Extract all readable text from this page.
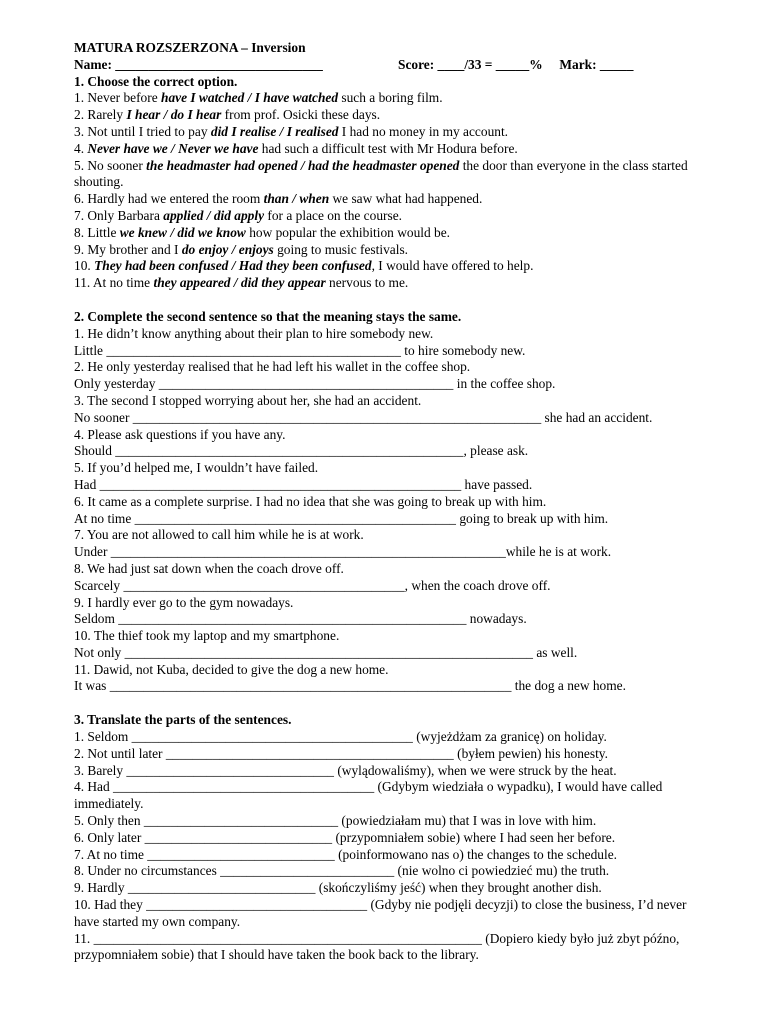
MATURA ROZSZERZONA – Inversion
Name: _______________________________	Score: ____/33 = _____% Mark: _____
1. Choose the correct option.
1. Never before have I watched / I have watched such a boring film.
2. Rarely I hear / do I hear from prof. Osicki these days.
3. Not until I tried to pay did I realise / I realised I had no money in my account.
4. Never have we / Never we have had such a difficult test with Mr Hodura before.
5. No sooner the headmaster had opened / had the headmaster opened the door than everyone in the class started shouting.
6. Hardly had we entered the room than / when we saw what had happened.
7. Only Barbara applied / did apply for a place on the course.
8. Little we knew / did we know how popular the exhibition would be.
9. My brother and I do enjoy / enjoys going to music festivals.
10. They had been confused / Had they been confused, I would have offered to help.
11. At no time they appeared / did they appear nervous to me.
2. Complete the second sentence so that the meaning stays the same.
1. He didn’t know anything about their plan to hire somebody new.
Little ____________________________________________ to hire somebody new.
2. He only yesterday realised that he had left his wallet in the coffee shop.
Only yesterday ____________________________________________ in the coffee shop.
3. The second I stopped worrying about her, she had an accident.
No sooner _____________________________________________________________ she had an accident.
4. Please ask questions if you have any.
Should ____________________________________________________, please ask.
5. If you’d helped me, I wouldn’t have failed.
Had ______________________________________________________ have passed.
6. It came as a complete surprise. I had no idea that she was going to break up with him.
At no time ________________________________________________ going to break up with him.
7. You are not allowed to call him while he is at work.
Under ___________________________________________________________while he is at work.
8. We had just sat down when the coach drove off.
Scarcely __________________________________________, when the coach drove off.
9. I hardly ever go to the gym nowadays.
Seldom ____________________________________________________ nowadays.
10. The thief took my laptop and my smartphone.
Not only _____________________________________________________________ as well.
11. Dawid, not Kuba, decided to give the dog a new home.
It was ____________________________________________________________ the dog a new home.
3. Translate the parts of the sentences.
1. Seldom __________________________________________ (wyjeżdżam za granicę) on holiday.
2. Not until later ___________________________________________ (byłem pewien) his honesty.
3. Barely _______________________________ (wylądowaliśmy), when we were struck by the heat.
4. Had _______________________________________ (Gdybym wiedziała o wypadku), I would have called immediately.
5. Only then _____________________________ (powiedziałam mu) that I was in love with him.
6. Only later ____________________________ (przypomniałem sobie) where I had seen her before.
7. At no time ____________________________ (poinformowano nas o) the changes to the schedule.
8. Under no circumstances __________________________ (nie wolno ci powiedzieć mu) the truth.
9. Hardly ____________________________ (skończyliśmy jeść) when they brought another dish.
10. Had they _________________________________ (Gdyby nie podjęli decyzji) to close the business, I’d never have started my own company.
11. __________________________________________________________ (Dopiero kiedy było już zbyt późno, przypomniałem sobie) that I should have taken the book back to the library.
